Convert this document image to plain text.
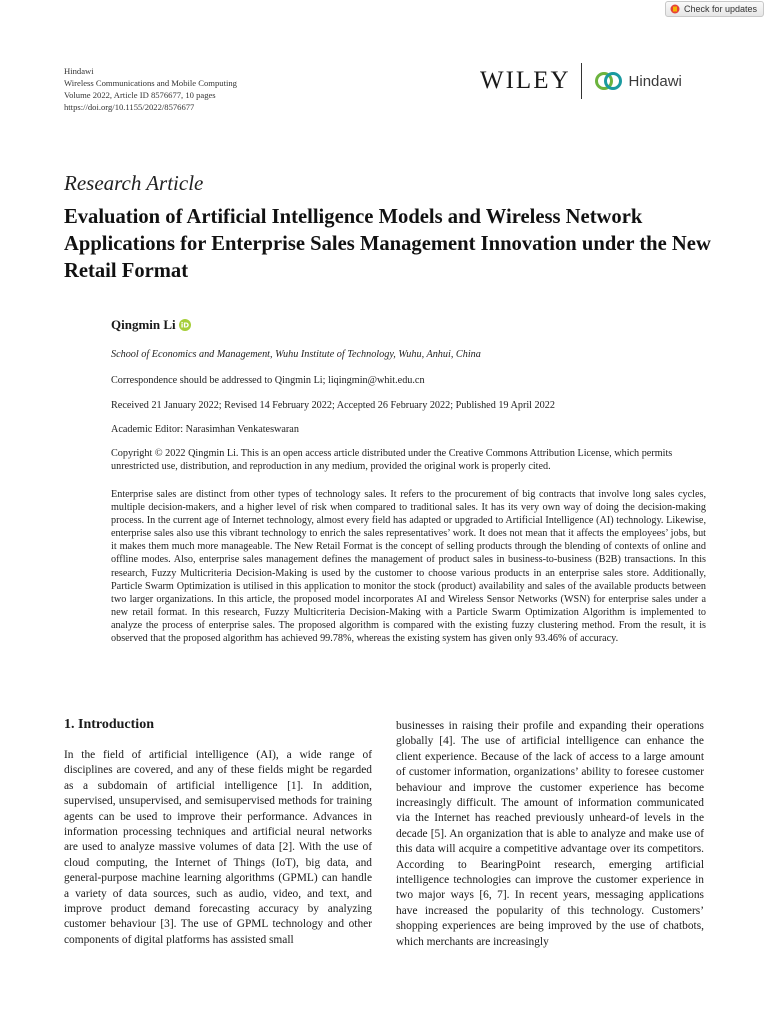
Check for updates
Hindawi
Wireless Communications and Mobile Computing
Volume 2022, Article ID 8576677, 10 pages
https://doi.org/10.1155/2022/8576677
WILEY	Hindawi
Research Article
Evaluation of Artificial Intelligence Models and Wireless Network Applications for Enterprise Sales Management Innovation under the New Retail Format
Qingmin Li iD
School of Economics and Management, Wuhu Institute of Technology, Wuhu, Anhui, China
Correspondence should be addressed to Qingmin Li; liqingmin@whit.edu.cn
Received 21 January 2022; Revised 14 February 2022; Accepted 26 February 2022; Published 19 April 2022
Academic Editor: Narasimhan Venkateswaran
Copyright © 2022 Qingmin Li. This is an open access article distributed under the Creative Commons Attribution License, which permits unrestricted use, distribution, and reproduction in any medium, provided the original work is properly cited.

Enterprise sales are distinct from other types of technology sales. It refers to the procurement of big contracts that involve long sales cycles, multiple decision-makers, and a higher level of risk when compared to traditional sales. It has its very own way of doing the decision-making process. In the current age of Internet technology, almost every field has adapted or upgraded to Artificial Intelligence (AI) technology. Likewise, enterprise sales also use this vibrant technology to enrich the sales representatives’ work. It does not mean that it affects the employees’ jobs, but it makes them much more manageable. The New Retail Format is the concept of selling products through the blending of contexts of online and offline modes. Also, enterprise sales management defines the management of product sales in business-to-business (B2B) transactions. In this research, Fuzzy Multicriteria Decision-Making is used by the customer to choose various products in an enterprise sales store. Additionally, Particle Swarm Optimization is utilised in this application to monitor the stock (product) availability and sales of the available products between two larger organizations. In this article, the proposed model incorporates AI and Wireless Sensor Networks (WSN) for enterprise sales under a new retail format. In this research, Fuzzy Multicriteria Decision-Making with a Particle Swarm Optimization Algorithm is implemented to analyze the process of enterprise sales. The proposed algorithm is compared with the existing fuzzy clustering method. From the result, it is observed that the proposed algorithm has achieved 99.78%, whereas the existing system has given only 93.46% of accuracy.

1. Introduction

In the field of artificial intelligence (AI), a wide range of disciplines are covered, and any of these fields might be regarded as a subdomain of artificial intelligence [1]. In addition, supervised, unsupervised, and semisupervised methods for training agents can be used to improve their performance. Advances in information processing techniques and artificial neural networks are used to analyze massive volumes of data [2]. With the use of cloud computing, the Internet of Things (IoT), big data, and general-purpose machine learning algorithms (GPML) can handle a variety of data sources, such as audio, video, and text, and improve product demand forecasting accuracy by analyzing customer behaviour [3]. The use of GPML technology and other components of digital platforms has assisted small

businesses in raising their profile and expanding their operations globally [4]. The use of artificial intelligence can enhance the client experience. Because of the lack of access to a large amount of customer information, organizations’ ability to foresee customer behaviour and improve the customer experience has become increasingly difficult. The amount of information communicated via the Internet has reached previously unheard-of levels in the decade [5]. An organization that is able to analyze and make use of this data will acquire a competitive advantage over its competitors. According to BearingPoint research, emerging artificial intelligence technologies can improve the customer experience in two major ways [6, 7]. In recent years, messaging applications have increased the popularity of this technology. Customers’ shopping experiences are being improved by the use of chatbots, which merchants are increasingly
